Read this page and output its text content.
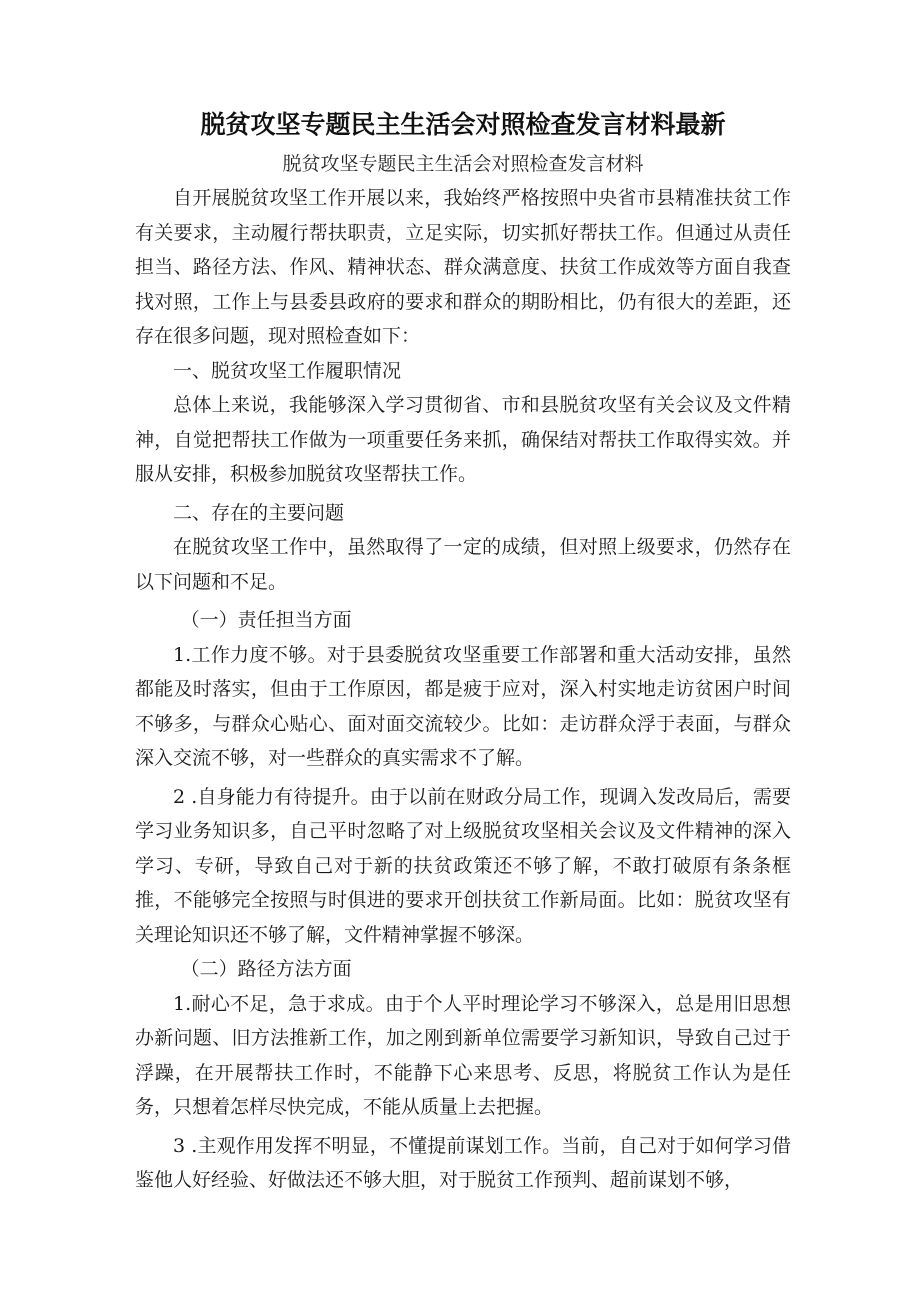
脱贫攻坚专题民主生活会对照检查发言材料最新

脱贫攻坚专题民主生活会对照检查发言材料

自开展脱贫攻坚工作开展以来，我始终严格按照中央省市县精准扶贫工作有关要求，主动履行帮扶职责，立足实际，切实抓好帮扶工作。但通过从责任担当、路径方法、作风、精神状态、群众满意度、扶贫工作成效等方面自我查找对照，工作上与县委县政府的要求和群众的期盼相比，仍有很大的差距，还存在很多问题，现对照检查如下：

一、脱贫攻坚工作履职情况

总体上来说，我能够深入学习贯彻省、市和县脱贫攻坚有关会议及文件精神，自觉把帮扶工作做为一项重要任务来抓，确保结对帮扶工作取得实效。并服从安排，积极参加脱贫攻坚帮扶工作。

二、存在的主要问题

在脱贫攻坚工作中，虽然取得了一定的成绩，但对照上级要求，仍然存在以下问题和不足。

（一）责任担当方面

1.工作力度不够。对于县委脱贫攻坚重要工作部署和重大活动安排，虽然都能及时落实，但由于工作原因，都是疲于应对，深入村实地走访贫困户时间不够多，与群众心贴心、面对面交流较少。比如：走访群众浮于表面，与群众深入交流不够，对一些群众的真实需求不了解。

2 .自身能力有待提升。由于以前在财政分局工作，现调入发改局后，需要学习业务知识多，自己平时忽略了对上级脱贫攻坚相关会议及文件精神的深入学习、专研，导致自己对于新的扶贫政策还不够了解，不敢打破原有条条框推，不能够完全按照与时俱进的要求开创扶贫工作新局面。比如：脱贫攻坚有关理论知识还不够了解，文件精神掌握不够深。

（二）路径方法方面

1.耐心不足，急于求成。由于个人平时理论学习不够深入，总是用旧思想办新问题、旧方法推新工作，加之刚到新单位需要学习新知识，导致自己过于浮躁，在开展帮扶工作时，不能静下心来思考、反思，将脱贫工作认为是任务，只想着怎样尽快完成，不能从质量上去把握。

3 .主观作用发挥不明显，不懂提前谋划工作。当前，自己对于如何学习借鉴他人好经验、好做法还不够大胆，对于脱贫工作预判、超前谋划不够，
